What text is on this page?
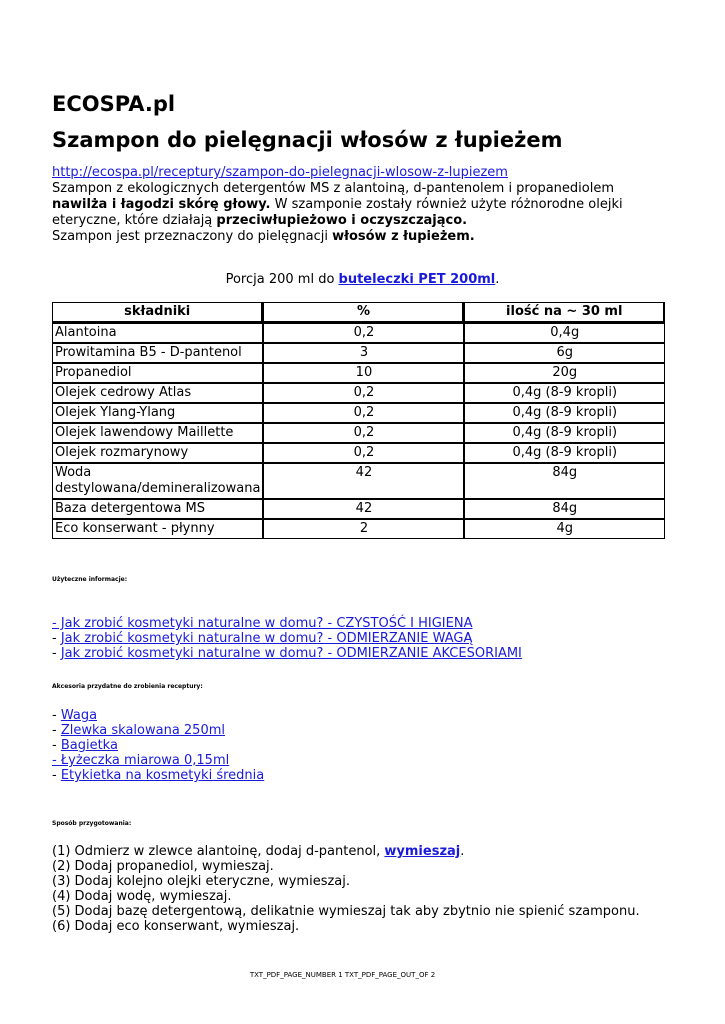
ECOSPA.pl
Szampon do pielęgnacji włosów z łupieżem
http://ecospa.pl/receptury/szampon-do-pielegnacji-wlosow-z-lupiezem
Szampon z ekologicznych detergentów MS z alantoiną, d-pantenolem i propanediolem nawilża i łagodzi skórę głowy. W szamponie zostały również użyte różnorodne olejki eteryczne, które działają przeciwłupieżowo i oczyszczająco.
Szampon jest przeznaczony do pielęgnacji włosów z łupieżem.
Porcja 200 ml do buteleczki PET 200ml.
składniki	%	ilość na ~ 30 ml
Alantoina	0,2	0,4g
Prowitamina B5 - D-pantenol	3	6g
Propanediol	10	20g
Olejek cedrowy Atlas	0,2	0,4g (8-9 kropli)
Olejek Ylang-Ylang	0,2	0,4g (8-9 kropli)
Olejek lawendowy Maillette	0,2	0,4g (8-9 kropli)
Olejek rozmarynowy	0,2	0,4g (8-9 kropli)
Woda destylowana/demineralizowana	42	84g
Baza detergentowa MS	42	84g
Eco konserwant - płynny	2	4g
Użyteczne informacje:
- Jak zrobić kosmetyki naturalne w domu? - CZYSTOŚĆ I HIGIENA
- Jak zrobić kosmetyki naturalne w domu? - ODMIERZANIE WAGĄ
- Jak zrobić kosmetyki naturalne w domu? - ODMIERZANIE AKCESORIAMI
Akcesoria przydatne do zrobienia receptury:
- Waga
- Zlewka skalowana 250ml
- Bagietka
- Łyżeczka miarowa 0,15ml
- Etykietka na kosmetyki średnia
Sposób przygotowania:
(1) Odmierz w zlewce alantoinę, dodaj d-pantenol, wymieszaj.
(2) Dodaj propanediol, wymieszaj.
(3) Dodaj kolejno olejki eteryczne, wymieszaj.
(4) Dodaj wodę, wymieszaj.
(5) Dodaj bazę detergentową, delikatnie wymieszaj tak aby zbytnio nie spienić szamponu.
(6) Dodaj eco konserwant, wymieszaj.
TXT_PDF_PAGE_NUMBER 1 TXT_PDF_PAGE_OUT_OF 2
